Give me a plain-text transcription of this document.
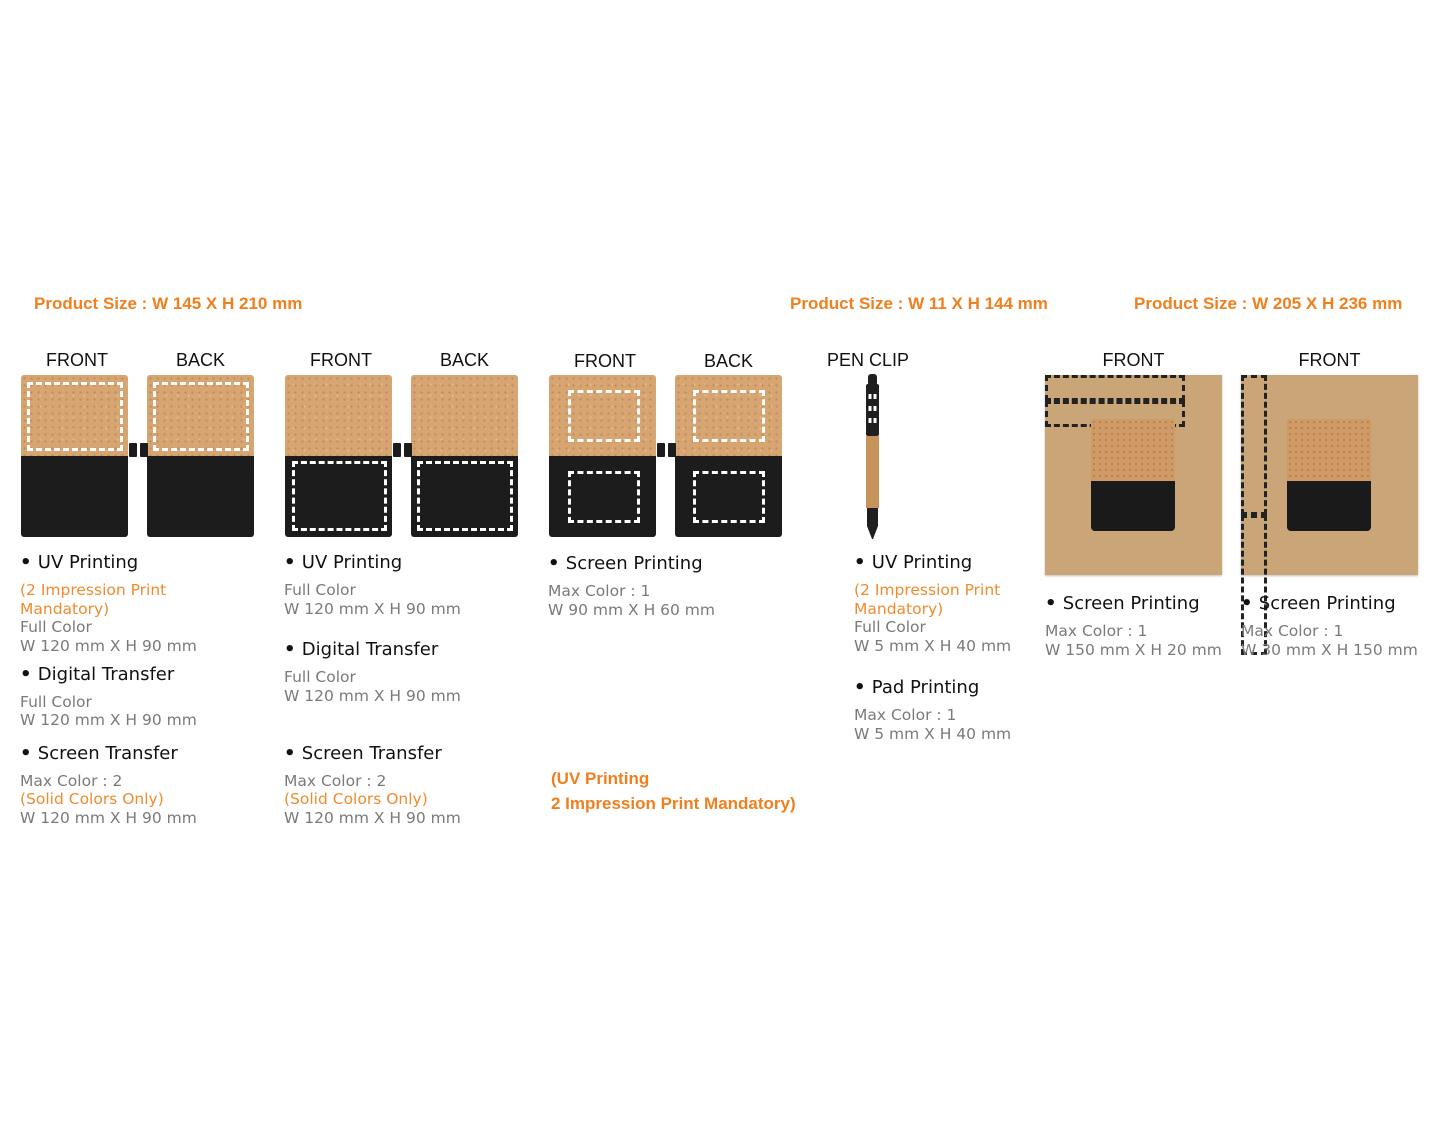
Product Size : W 145 X H 210 mm	Product Size : W 11 X H 144 mm	Product Size : W 205 X H 236 mm
FRONT	BACK
• UV Printing
(2 Impression Print
Mandatory)
Full Color
W 120 mm X H 90 mm
• Digital Transfer
Full Color
W 120 mm X H 90 mm
• Screen Transfer
Max Color : 2
(Solid Colors Only)
W 120 mm X H 90 mm
FRONT	BACK
• UV Printing
Full Color
W 120 mm X H 90 mm
• Digital Transfer
Full Color
W 120 mm X H 90 mm
• Screen Transfer
Max Color : 2
(Solid Colors Only)
W 120 mm X H 90 mm
FRONT	BACK
• Screen Printing
Max Color : 1
W 90 mm X H 60 mm
(UV Printing
2 Impression Print Mandatory)
PEN CLIP
• UV Printing
(2 Impression Print
Mandatory)
Full Color
W 5 mm X H 40 mm
• Pad Printing
Max Color : 1
W 5 mm X H 40 mm
FRONT
• Screen Printing
Max Color : 1
W 150 mm X H 20 mm
FRONT
• Screen Printing
Max Color : 1
W 30 mm X H 150 mm
